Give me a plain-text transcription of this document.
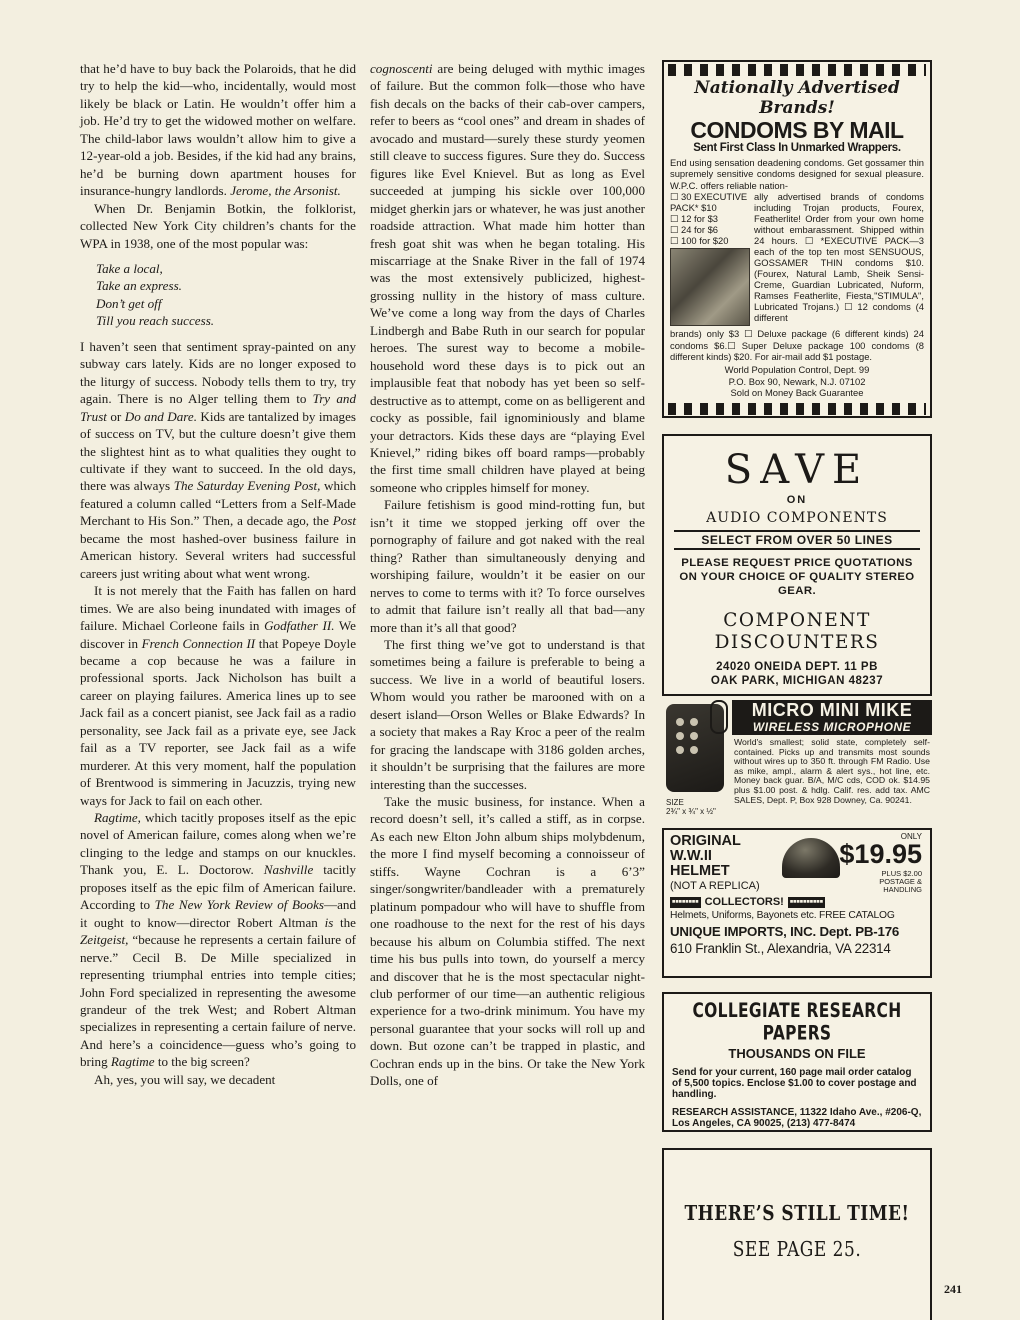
that he’d have to buy back the Polaroids, that he did try to help the kid—who, incidentally, would most likely be black or Latin. He wouldn’t offer him a job. He’d try to get the widowed mother on welfare. The child-labor laws wouldn’t allow him to give a 12-year-old a job. Besides, if the kid had any brains, he’d be burning down apartment houses for insurance-hungry landlords. Jerome, the Arsonist.

When Dr. Benjamin Botkin, the folklorist, collected New York City children’s chants for the WPA in 1938, one of the most popular was:

Take a local,
Take an express.
Don’t get off
Till you reach success.

I haven’t seen that sentiment spray-painted on any subway cars lately. Kids are no longer exposed to the liturgy of success. Nobody tells them to try, try again. There is no Alger telling them to Try and Trust or Do and Dare. Kids are tantalized by images of success on TV, but the culture doesn’t give them the slightest hint as to what qualities they ought to cultivate if they want to succeed. In the old days, there was always The Saturday Evening Post, which featured a column called “Letters from a Self-Made Merchant to His Son.” Then, a decade ago, the Post became the most hashed-over business failure in American history. Several writers had successful careers just writing about what went wrong.

It is not merely that the Faith has fallen on hard times. We are also being inundated with images of failure. Michael Corleone fails in Godfather II. We discover in French Connection II that Popeye Doyle became a cop because he was a failure in professional sports. Jack Nicholson has built a career on playing failures. America lines up to see Jack fail as a concert pianist, see Jack fail as a radio personality, see Jack fail as a private eye, see Jack fail as a TV reporter, see Jack fail as a wife murderer. At this very moment, half the population of Brentwood is simmering in Jacuzzis, trying new ways for Jack to fail on each other.

Ragtime, which tacitly proposes itself as the epic novel of American failure, comes along when we’re clinging to the ledge and stamps on our knuckles. Thank you, E. L. Doctorow. Nashville tacitly proposes itself as the epic film of American failure. According to The New York Review of Books—and it ought to know—director Robert Altman is the Zeitgeist, “because he represents a certain failure of nerve.” Cecil B. De Mille specialized in representing triumphal entries into temple cities; John Ford specialized in representing the awesome grandeur of the trek West; and Robert Altman specializes in representing a certain failure of nerve. And here’s a coincidence—guess who’s going to bring Ragtime to the big screen?

Ah, yes, you will say, we decadent

cognoscenti are being deluged with mythic images of failure. But the common folk—those who have fish decals on the backs of their cab-over campers, refer to beers as “cool ones” and dream in shades of avocado and mustard—surely these sturdy yeomen still cleave to success figures. Sure they do. Success figures like Evel Knievel. But as long as Evel succeeded at jumping his sickle over 100,000 midget gherkin jars or whatever, he was just another roadside attraction. What made him hotter than fresh goat shit was when he began totaling. His miscarriage at the Snake River in the fall of 1974 was the most extensively publicized, highest-grossing nullity in the history of mass culture. We’ve come a long way from the days of Charles Lindbergh and Babe Ruth in our search for popular heroes. The surest way to become a mobile-household word these days is to pick out an implausible feat that nobody has yet been so self-destructive as to attempt, come on as belligerent and cocky as possible, fail ignominiously and blame your detractors. Kids these days are “playing Evel Knievel,” riding bikes off board ramps—probably the first time small children have played at being someone who cripples himself for money.

Failure fetishism is good mind-rotting fun, but isn’t it time we stopped jerking off over the pornography of failure and got naked with the real thing? Rather than simultaneously denying and worshiping failure, wouldn’t it be easier on our nerves to come to terms with it? To force ourselves to admit that failure isn’t really all that bad—any more than it’s all that good?

The first thing we’ve got to understand is that sometimes being a failure is preferable to being a success. We live in a world of beautiful losers. Whom would you rather be marooned with on a desert island—Orson Welles or Blake Edwards? In a society that makes a Ray Kroc a peer of the realm for gracing the landscape with 3186 golden arches, it shouldn’t be surprising that the failures are more interesting than the successes.

Take the music business, for instance. When a record doesn’t sell, it’s called a stiff, as in corpse. As each new Elton John album ships molybdenum, the more I find myself becoming a connoisseur of stiffs. Wayne Cochran is a 6’3” singer/songwriter/bandleader with a prematurely platinum pompadour who will have to shuffle from one roadhouse to the next for the rest of his days because his album on Columbia stiffed. The next time his bus pulls into town, do yourself a mercy and discover that he is the most spectacular night-club performer of our time—an authentic religious experience for a two-drink minimum. You have my personal guarantee that your socks will roll up and down. But ozone can’t be trapped in plastic, and Cochran ends up in the bins. Or take the New York Dolls, one of

Nationally Advertised Brands!
CONDOMS BY MAIL
Sent First Class In Unmarked Wrappers.
End using sensation deadening condoms. Get gossamer thin supremely sensitive condoms designed for sexual pleasure. W.P.C. offers reliable nation-
☐ 30 EXECUTIVE PACK* $10
☐ 12 for $3
☐ 24 for $6
☐ 100 for $20
ally advertised brands of condoms including Trojan products, Fourex, Featherlite! Order from your own home without embarassment. Shipped within 24 hours. ☐ *EXECUTIVE PACK—3 each of the top ten most SENSUOUS, GOSSAMER THIN condoms $10. (Fourex, Natural Lamb, Sheik Sensi-Creme, Guardian Lubricated, Nuform, Ramses Featherlite, Fiesta,"STIMULA", Lubricated Trojans.) ☐ 12 condoms (4 different
brands) only $3 ☐ Deluxe package (6 different kinds) 24 condoms $6.☐ Super Deluxe package 100 condoms (8 different kinds) $20. For air-mail add $1 postage.
World Population Control, Dept. 99
P.O. Box 90, Newark, N.J. 07102
Sold on Money Back Guarantee
SAVE
ON
AUDIO COMPONENTS
SELECT FROM OVER 50 LINES
PLEASE REQUEST PRICE QUOTATIONS ON YOUR CHOICE OF QUALITY STEREO GEAR.
COMPONENT
DISCOUNTERS
24020 ONEIDA DEPT. 11 PB
OAK PARK, MICHIGAN 48237
MICRO MINI MIKE
WIRELESS MICROPHONE
World's smallest; solid state, completely self-contained. Picks up and transmits most sounds without wires up to 350 ft. through FM Radio. Use as mike, ampl., alarm & alert sys., hot line, etc. Money back guar. B/A, M/C cds, COD ok. $14.95 plus $1.00 post. & hdlg. Calif. res. add tax. AMC SALES, Dept. P, Box 928 Downey, Ca. 90241.
SIZE
2¾" x ¾" x ½"
ORIGINAL
W.W.II
HELMET
ONLY
$19.95
PLUS $2.00 POSTAGE & HANDLING
(NOT A REPLICA)
■■■■■■■■ COLLECTORS!	■■■■■■■■■■
Helmets, Uniforms, Bayonets etc. FREE CATALOG
UNIQUE IMPORTS, INC. Dept. PB-176
610 Franklin St., Alexandria, VA 22314
COLLEGIATE RESEARCH PAPERS
THOUSANDS ON FILE
Send for your current, 160 page mail order catalog of 5,500 topics. Enclose $1.00 to cover postage and handling.
RESEARCH ASSISTANCE, 11322 Idaho Ave., #206-Q, Los Angeles, CA 90025, (213) 477-8474
THERE’S STILL TIME!
SEE PAGE 25.
241
